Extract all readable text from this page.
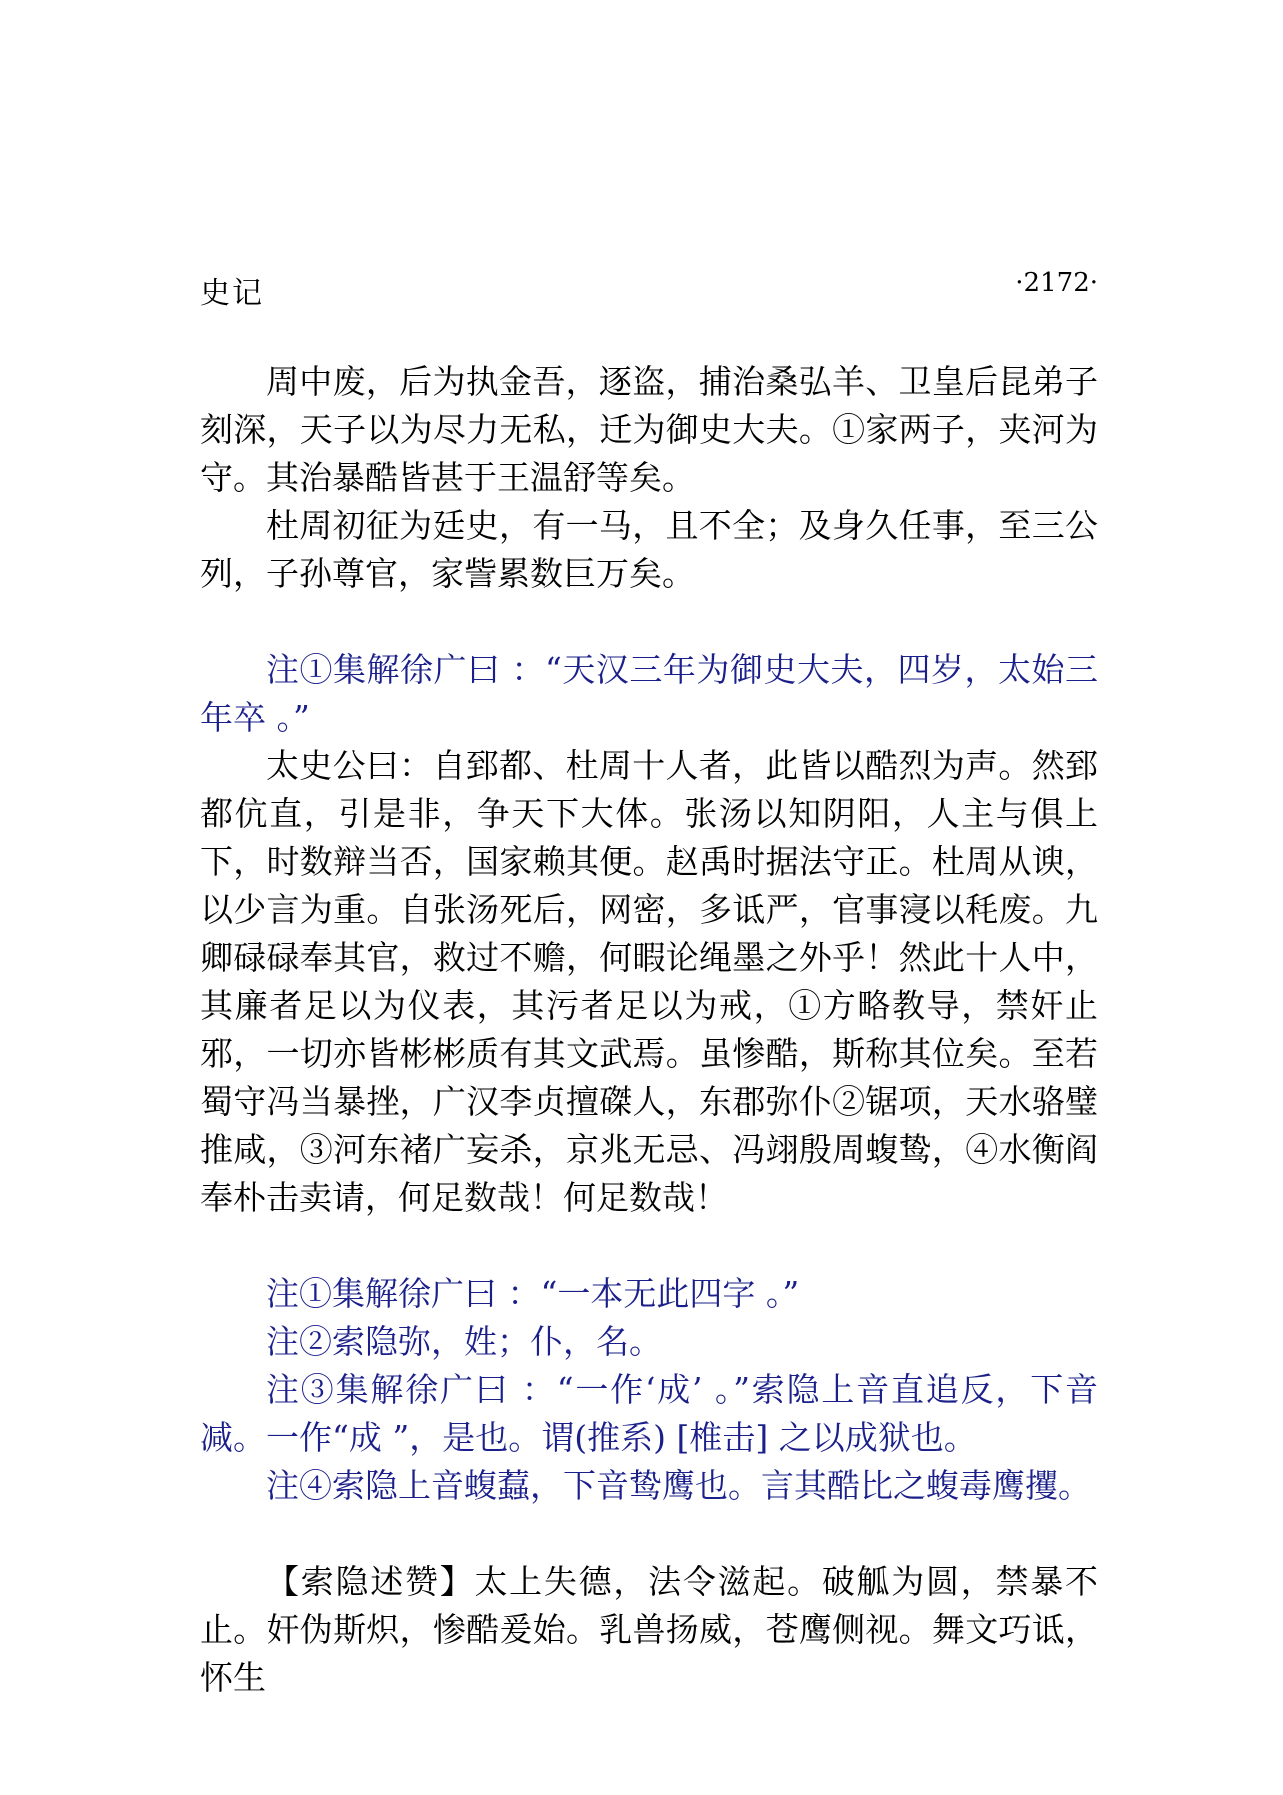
史记	·2172·

周中废，后为执金吾，逐盗，捕治桑弘羊、卫皇后昆弟子刻深，天子以为尽力无私，迁为御史大夫。①家两子，夹河为守。其治暴酷皆甚于王温舒等矣。

杜周初征为廷史，有一马，且不全；及身久任事，至三公列，子孙尊官，家訾累数巨万矣。

注①集解徐广曰 ：“天汉三年为御史大夫，四岁，太始三年卒 。”

太史公曰：自郅都、杜周十人者，此皆以酷烈为声。然郅都伉直，引是非，争天下大体。张汤以知阴阳，人主与俱上下，时数辩当否，国家赖其便。赵禹时据法守正。杜周从谀，以少言为重。自张汤死后，网密，多诋严，官事寖以秏废。九卿碌碌奉其官，救过不赡，何暇论绳墨之外乎！然此十人中，其廉者足以为仪表，其污者足以为戒，①方略教导，禁奸止邪，一切亦皆彬彬质有其文武焉。虽惨酷，斯称其位矣。至若蜀守冯当暴挫，广汉李贞擅磔人，东郡弥仆②锯项，天水骆璧推咸，③河东褚广妄杀，京兆无忌、冯翊殷周蝮鸷，④水衡阎奉朴击卖请，何足数哉！何足数哉！

注①集解徐广曰 ：“一本无此四字 。”

注②索隐弥，姓；仆，名。

注③集解徐广曰 ：“一作‘成’ 。”索隐上音直追反，下音减。一作“成 ”，是也。谓(推系) [椎击] 之以成狱也。

注④索隐上音蝮蠚，下音鸷鹰也。言其酷比之蝮毒鹰攫。

【索隐述赞】太上失德，法令滋起。破觚为圆，禁暴不止。奸伪斯炽，惨酷爰始。乳兽扬威，苍鹰侧视。舞文巧诋，怀生
